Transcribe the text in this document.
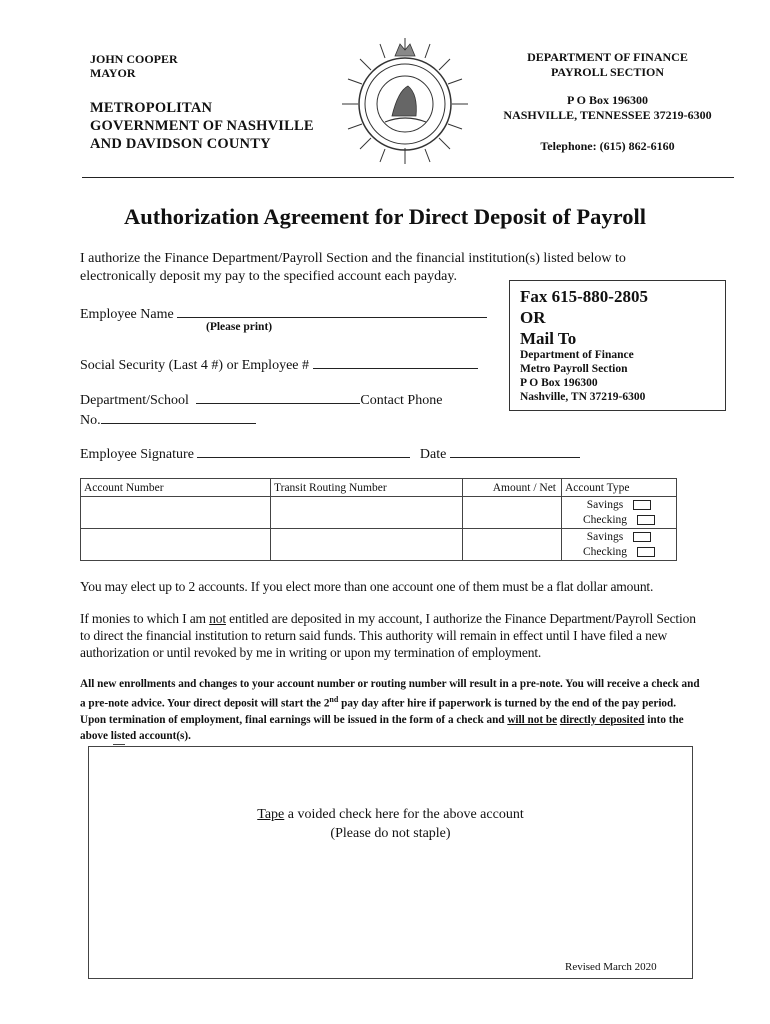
JOHN COOPER
MAYOR
METROPOLITAN
GOVERNMENT OF NASHVILLE
AND DAVIDSON COUNTY
DEPARTMENT OF FINANCE
PAYROLL SECTION
P O Box 196300
NASHVILLE, TENNESSEE 37219-6300
Telephone: (615) 862-6160
Authorization Agreement for Direct Deposit of Payroll
I authorize the Finance Department/Payroll Section and the financial institution(s) listed below to electronically deposit my pay to the specified account each payday.
Employee Name
(Please print)
Social Security (Last 4 #) or Employee #
Department/School	Contact Phone
No.
Employee Signature	Date
Fax 615-880-2805
OR
Mail To
Department of Finance
Metro Payroll Section
P O Box 196300
Nashville, TN 37219-6300
Account Number	Transit Routing Number	Amount / Net	Account Type

			Savings
Checking

			Savings
Checking
You may elect up to 2 accounts. If you elect more than one account one of them must be a flat dollar amount.
If monies to which I am not entitled are deposited in my account, I authorize the Finance Department/Payroll Section to direct the financial institution to return said funds. This authority will remain in effect until I have filed a new authorization or until revoked by me in writing or upon my termination of employment.
All new enrollments and changes to your account number or routing number will result in a pre-note. You will receive a check and a pre-note advice. Your direct deposit will start the 2nd pay day after hire if paperwork is turned by the end of the pay period. Upon termination of employment, final earnings will be issued in the form of a check and will not be directly deposited into the above listed account(s).
Tape a voided check here for the above account
(Please do not staple)
Revised March 2020
